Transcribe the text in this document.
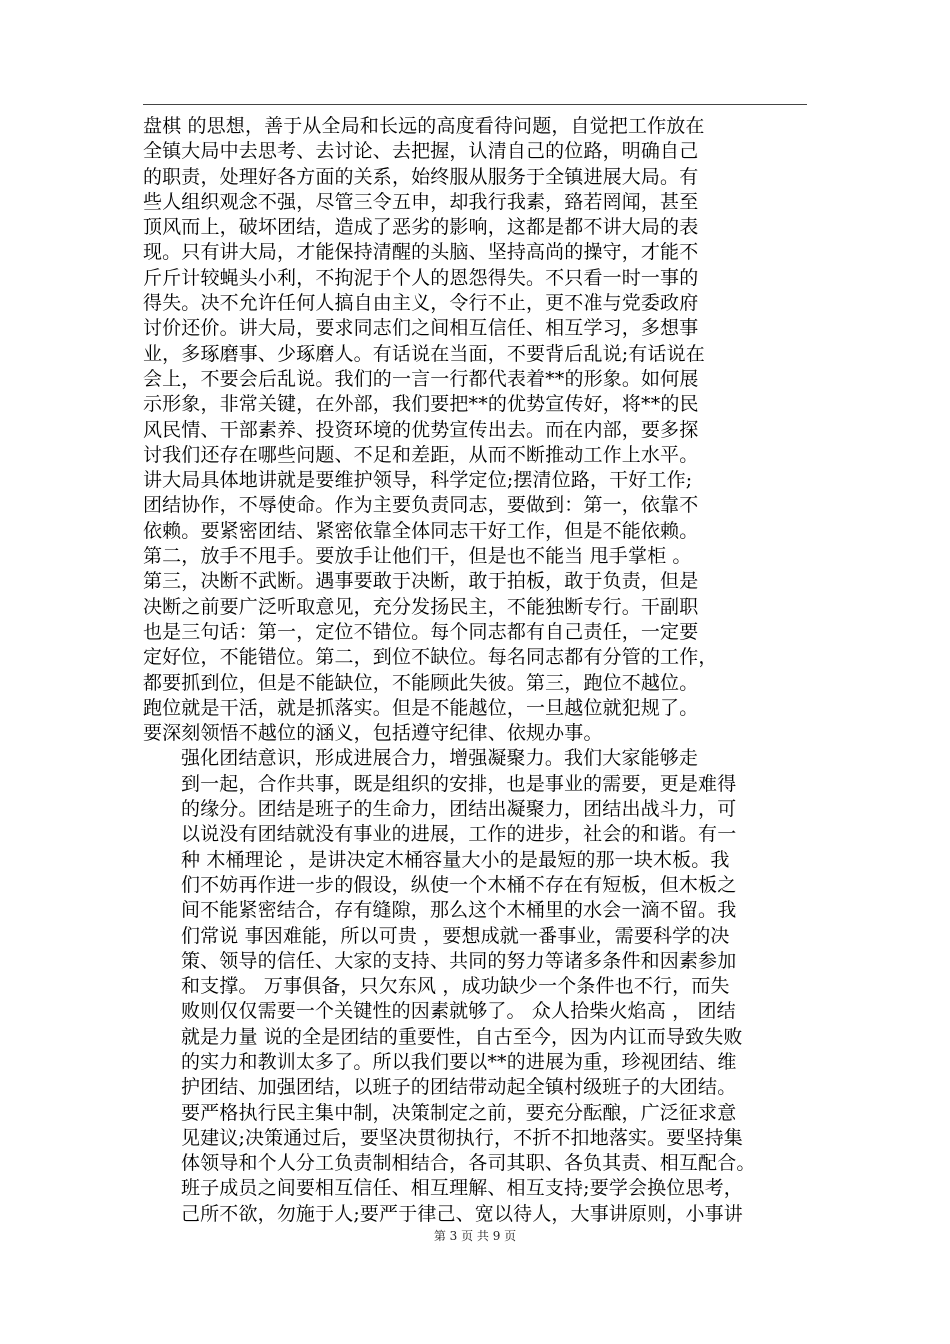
盘棋 的思想，善于从全局和长远的高度看待问题，自觉把工作放在
全镇大局中去思考、去讨论、去把握，认清自己的位路，明确自己
的职责，处理好各方面的关系，始终服从服务于全镇进展大局。有
些人组织观念不强，尽管三令五申，却我行我素，臵若罔闻，甚至
顶风而上，破坏团结，造成了恶劣的影响，这都是都不讲大局的表
现。只有讲大局，才能保持清醒的头脑、坚持高尚的操守，才能不
斤斤计较蝇头小利，不拘泥于个人的恩怨得失。不只看一时一事的
得失。决不允许任何人搞自由主义，令行不止，更不准与党委政府
讨价还价。讲大局，要求同志们之间相互信任、相互学习，多想事
业，多琢磨事、少琢磨人。有话说在当面，不要背后乱说;有话说在
会上，不要会后乱说。我们的一言一行都代表着**的形象。如何展
示形象，非常关键，在外部，我们要把**的优势宣传好，将**的民
风民情、干部素养、投资环境的优势宣传出去。而在内部，要多探
讨我们还存在哪些问题、不足和差距，从而不断推动工作上水平。
讲大局具体地讲就是要维护领导，科学定位;摆清位路，干好工作;
团结协作，不辱使命。作为主要负责同志，要做到：第一，依靠不
依赖。要紧密团结、紧密依靠全体同志干好工作，但是不能依赖。
第二，放手不甩手。要放手让他们干，但是也不能当 甩手掌柜 。
第三，决断不武断。遇事要敢于决断，敢于拍板，敢于负责，但是
决断之前要广泛听取意见，充分发扬民主，不能独断专行。干副职
也是三句话：第一，定位不错位。每个同志都有自己责任，一定要
定好位，不能错位。第二，到位不缺位。每名同志都有分管的工作，
都要抓到位，但是不能缺位，不能顾此失彼。第三，跑位不越位。
跑位就是干活，就是抓落实。但是不能越位，一旦越位就犯规了。
要深刻领悟不越位的涵义，包括遵守纪律、依规办事。
强化团结意识，形成进展合力，增强凝聚力。我们大家能够走
到一起，合作共事，既是组织的安排，也是事业的需要，更是难得
的缘分。团结是班子的生命力，团结出凝聚力，团结出战斗力，可
以说没有团结就没有事业的进展，工作的进步，社会的和谐。有一
种 木桶理论 ，是讲决定木桶容量大小的是最短的那一块木板。我
们不妨再作进一步的假设，纵使一个木桶不存在有短板，但木板之
间不能紧密结合，存有缝隙，那么这个木桶里的水会一滴不留。我
们常说 事因难能，所以可贵 ，要想成就一番事业，需要科学的决
策、领导的信任、大家的支持、共同的努力等诸多条件和因素参加
和支撑。 万事俱备，只欠东风 ，成功缺少一个条件也不行，而失
败则仅仅需要一个关键性的因素就够了。 众人拾柴火焰高 ， 团结
就是力量 说的全是团结的重要性，自古至今，因为内讧而导致失败
的实力和教训太多了。所以我们要以**的进展为重，珍视团结、维
护团结、加强团结，以班子的团结带动起全镇村级班子的大团结。
要严格执行民主集中制，决策制定之前，要充分酝酿，广泛征求意
见建议;决策通过后，要坚决贯彻执行，不折不扣地落实。要坚持集
体领导和个人分工负责制相结合，各司其职、各负其责、相互配合。
班子成员之间要相互信任、相互理解、相互支持;要学会换位思考，
己所不欲，勿施于人;要严于律己、宽以待人，大事讲原则，小事讲
第 3 页 共 9 页
